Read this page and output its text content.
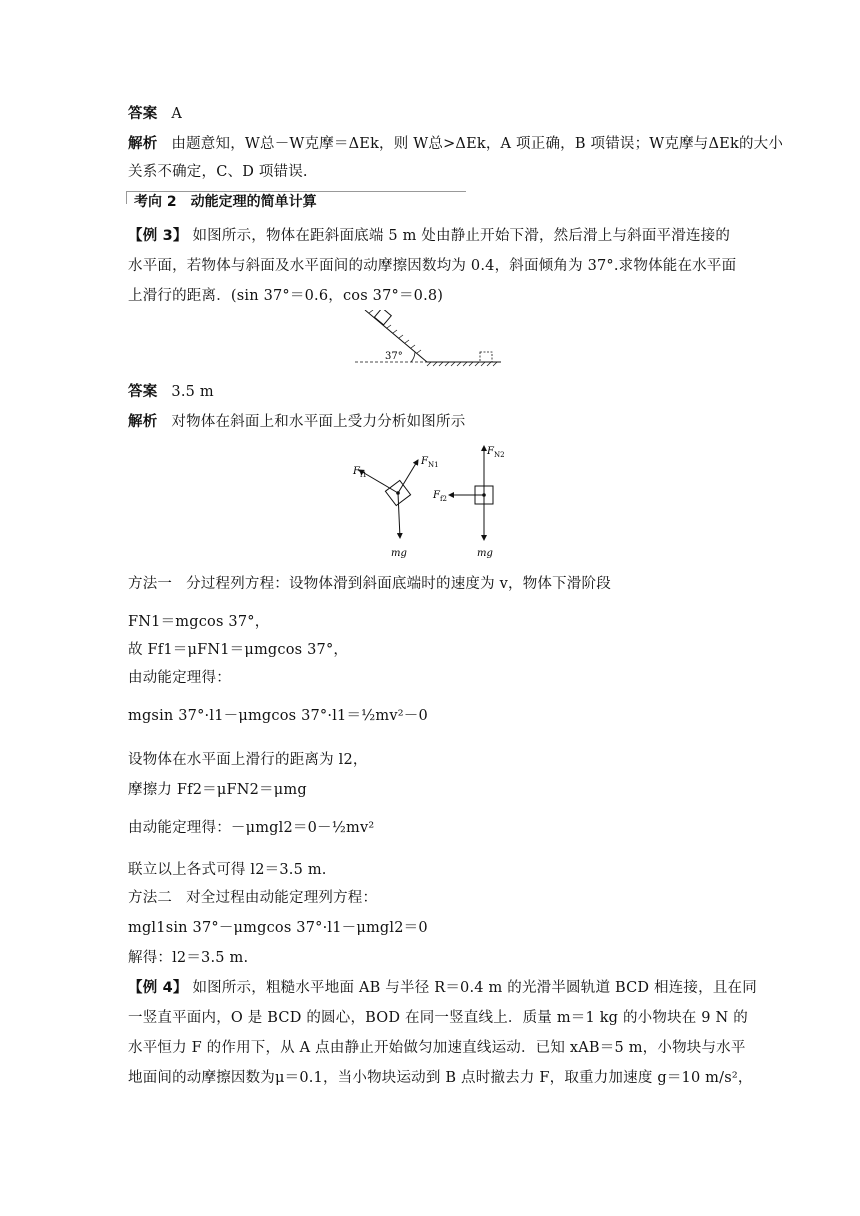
答案 A
解析 由题意知，W总－W克摩＝ΔEk，则 W总>ΔEk，A 项正确，B 项错误；W克摩与ΔEk的大小
关系不确定，C、D 项错误.
考向 2　动能定理的简单计算
【例 3】 如图所示，物体在距斜面底端 5 m 处由静止开始下滑，然后滑上与斜面平滑连接的
水平面，若物体与斜面及水平面间的动摩擦因数均为 0.4，斜面倾角为 37°.求物体能在水平面
上滑行的距离．(sin 37°＝0.6，cos 37°＝0.8)
37°
答案 3.5 m
解析 对物体在斜面上和水平面上受力分析如图所示
$F_{f1}$
$F_{N1}$
mg
$F_{N2}$
$F_{f2}$
mg
方法一 分过程列方程：设物体滑到斜面底端时的速度为 v，物体下滑阶段
FN1＝mgcos 37°，
故 Ff1＝μFN1＝μmgcos 37°，
由动能定理得：
mgsin 37°·l1－μmgcos 37°·l1＝½mv²－0
设物体在水平面上滑行的距离为 l2，
摩擦力 Ff2＝μFN2＝μmg
由动能定理得：－μmgl2＝0－½mv²
联立以上各式可得 l2＝3.5 m.
方法二 对全过程由动能定理列方程：
mgl1sin 37°－μmgcos 37°·l1－μmgl2＝0
解得：l2＝3.5 m.
【例 4】 如图所示，粗糙水平地面 AB 与半径 R＝0.4 m 的光滑半圆轨道 BCD 相连接，且在同
一竖直平面内，O 是 BCD 的圆心，BOD 在同一竖直线上．质量 m＝1 kg 的小物块在 9 N 的
水平恒力 F 的作用下，从 A 点由静止开始做匀加速直线运动．已知 xAB＝5 m，小物块与水平
地面间的动摩擦因数为μ＝0.1，当小物块运动到 B 点时撤去力 F，取重力加速度 g＝10 m/s²，
